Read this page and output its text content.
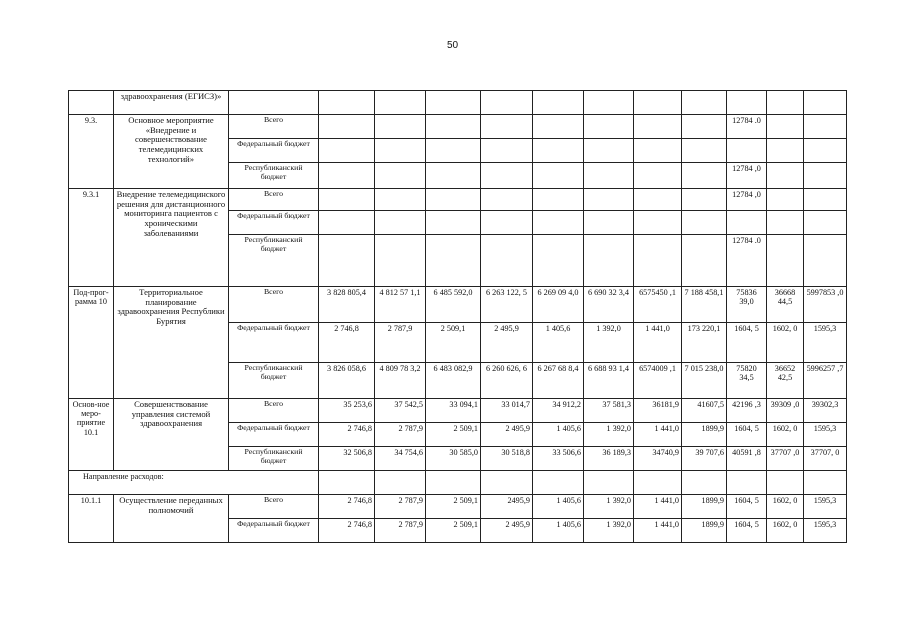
50
	здравоохранения (ЕГИСЗ)»												
9.3.	Основное мероприятие «Внедрение и совершенствование телемедицинских технологий»	Всего									12784 .0		
		Федеральный бюджет											
		Республиканский бюджет									12784 ,0		
9.3.1	Внедрение телемедицинского решения для дистанционного мониторинга пациентов с хроническими заболеваниями	Всего									12784 ,0		
		Федеральный бюджет											
		Республиканский бюджет									12784 .0		
Под-прог-рамма 10	Территориальное планирование здравоохранения Республики Бурятия	Всего	3 828 805,4	4 812 57 1,1	6 485 592,0	6 263 122, 5	6 269 09 4,0	6 690 32 3,4	6575450 ,1	7 188 458,1	75836 39,0	36668 44,5	5997853 ,0
		Федеральный бюджет	2 746,8	2 787,9	2 509,1	2 495,9	1 405,6	1 392,0	1 441,0	173 220,1	1604, 5	1602, 0	1595,3
		Республиканский бюджет	3 826 058,6	4 809 78 3,2	6 483 082,9	6 260 626, 6	6 267 68 8,4	6 688 93 1,4	6574009 ,1	7 015 238,0	75820 34,5	36652 42,5	5996257 ,7
Основ-ное меро-приятие 10.1	Совершенствование управления системой здравоохранения	Всего	35 253,6	37 542,5	33 094,1	33 014,7	34 912,2	37 581,3	36181,9	41607,5	42196 ,3	39309 ,0	39302,3
		Федеральный бюджет	2 746,8	2 787,9	2 509,1	2 495,9	1 405,6	1 392,0	1 441,0	1899,9	1604, 5	1602, 0	1595,3
		Республиканский бюджет	32 506,8	34 754,6	30 585,0	30 518,8	33 506,6	36 189,3	34740,9	39 707,6	40591 ,8	37707 ,0	37707, 0
Направление расходов:													
10.1.1	Осуществление переданных полномочий	Всего	2 746,8	2 787,9	2 509,1	2495,9	1 405,6	1 392,0	1 441,0	1899,9	1604, 5	1602, 0	1595,3
		Федеральный бюджет	2 746,8	2 787,9	2 509,1	2 495,9	1 405,6	1 392,0	1 441,0	1899,9	1604, 5	1602, 0	1595,3
